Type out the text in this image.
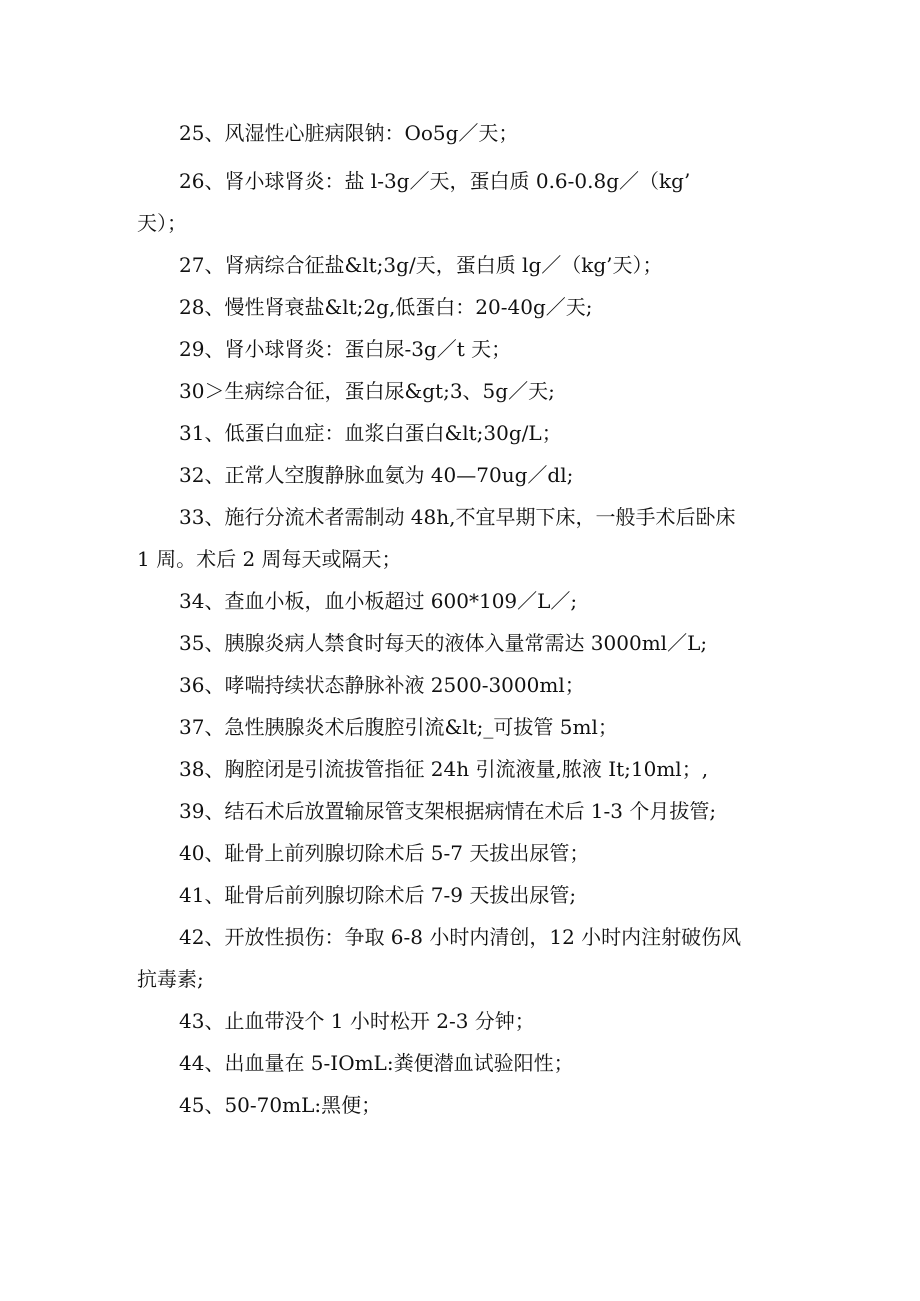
25、风湿性心脏病限钠：Oo5g／天；
26、肾小球肾炎：盐 l-3g／天，蛋白质 0.6-0.8g／（kg’
天）；
27、肾病综合征盐&lt;3g/天，蛋白质 lg／（kg’天）；
28、慢性肾衰盐&lt;2g,低蛋白：20-40g／天;
29、肾小球肾炎：蛋白尿-3g／t 天；
30＞生病综合征，蛋白尿&gt;3、5g／天;
31、低蛋白血症：血浆白蛋白&lt;30g/L；
32、正常人空腹静脉血氨为 40—70ug／dl;
33、施行分流术者需制动 48h,不宜早期下床，一般手术后卧床
1 周。术后 2 周每天或隔天；
34、查血小板，血小板超过 600*109／L／;
35、胰腺炎病人禁食时每天的液体入量常需达 3000ml／L;
36、哮喘持续状态静脉补液 2500-3000ml；
37、急性胰腺炎术后腹腔引流&lt;_可拔管 5ml；
38、胸腔闭是引流拔管指征 24h 引流液量,脓液 It;10ml；,
39、结石术后放置输尿管支架根据病情在术后 1-3 个月拔管;
40、耻骨上前列腺切除术后 5-7 天拔出尿管；
41、耻骨后前列腺切除术后 7-9 天拔出尿管;
42、开放性损伤：争取 6-8 小时内清创，12 小时内注射破伤风
抗毒素;
43、止血带没个 1 小时松开 2-3 分钟；
44、出血量在 5-IOmL:粪便潜血试验阳性；
45、50-70mL:黑便；
